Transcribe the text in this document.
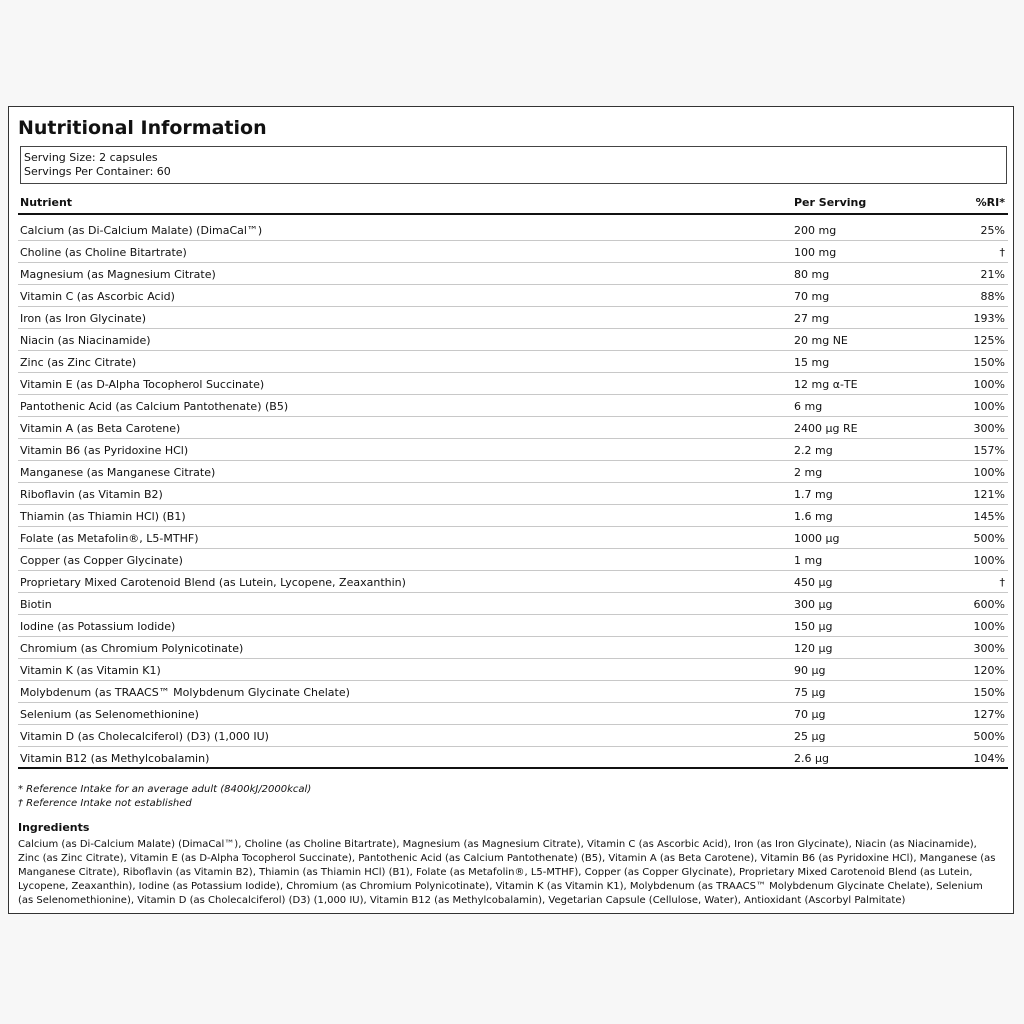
Nutritional Information
Serving Size: 2 capsules
Servings Per Container: 60
Nutrient	Per Serving	%RI*
Calcium (as Di-Calcium Malate) (DimaCal™)	200 mg	25%
Choline (as Choline Bitartrate)	100 mg	†
Magnesium (as Magnesium Citrate)	80 mg	21%
Vitamin C (as Ascorbic Acid)	70 mg	88%
Iron (as Iron Glycinate)	27 mg	193%
Niacin (as Niacinamide)	20 mg NE	125%
Zinc (as Zinc Citrate)	15 mg	150%
Vitamin E (as D-Alpha Tocopherol Succinate)	12 mg α-TE	100%
Pantothenic Acid (as Calcium Pantothenate) (B5)	6 mg	100%
Vitamin A (as Beta Carotene)	2400 µg RE	300%
Vitamin B6 (as Pyridoxine HCl)	2.2 mg	157%
Manganese (as Manganese Citrate)	2 mg	100%
Riboflavin (as Vitamin B2)	1.7 mg	121%
Thiamin (as Thiamin HCl) (B1)	1.6 mg	145%
Folate (as Metafolin®, L5-MTHF)	1000 µg	500%
Copper (as Copper Glycinate)	1 mg	100%
Proprietary Mixed Carotenoid Blend (as Lutein, Lycopene, Zeaxanthin)	450 µg	†
Biotin	300 µg	600%
Iodine (as Potassium Iodide)	150 µg	100%
Chromium (as Chromium Polynicotinate)	120 µg	300%
Vitamin K (as Vitamin K1)	90 µg	120%
Molybdenum (as TRAACS™ Molybdenum Glycinate Chelate)	75 µg	150%
Selenium (as Selenomethionine)	70 µg	127%
Vitamin D (as Cholecalciferol) (D3) (1,000 IU)	25 µg	500%
Vitamin B12 (as Methylcobalamin)	2.6 µg	104%
* Reference Intake for an average adult (8400kJ/2000kcal)
† Reference Intake not established
Ingredients
Calcium (as Di-Calcium Malate) (DimaCal™), Choline (as Choline Bitartrate), Magnesium (as Magnesium Citrate), Vitamin C (as Ascorbic Acid), Iron (as Iron Glycinate), Niacin (as Niacinamide), Zinc (as Zinc Citrate), Vitamin E (as D-Alpha Tocopherol Succinate), Pantothenic Acid (as Calcium Pantothenate) (B5), Vitamin A (as Beta Carotene), Vitamin B6 (as Pyridoxine HCl), Manganese (as Manganese Citrate), Riboflavin (as Vitamin B2), Thiamin (as Thiamin HCl) (B1), Folate (as Metafolin®, L5-MTHF), Copper (as Copper Glycinate), Proprietary Mixed Carotenoid Blend (as Lutein, Lycopene, Zeaxanthin), Iodine (as Potassium Iodide), Chromium (as Chromium Polynicotinate), Vitamin K (as Vitamin K1), Molybdenum (as TRAACS™ Molybdenum Glycinate Chelate), Selenium (as Selenomethionine), Vitamin D (as Cholecalciferol) (D3) (1,000 IU), Vitamin B12 (as Methylcobalamin), Vegetarian Capsule (Cellulose, Water), Antioxidant (Ascorbyl Palmitate)
